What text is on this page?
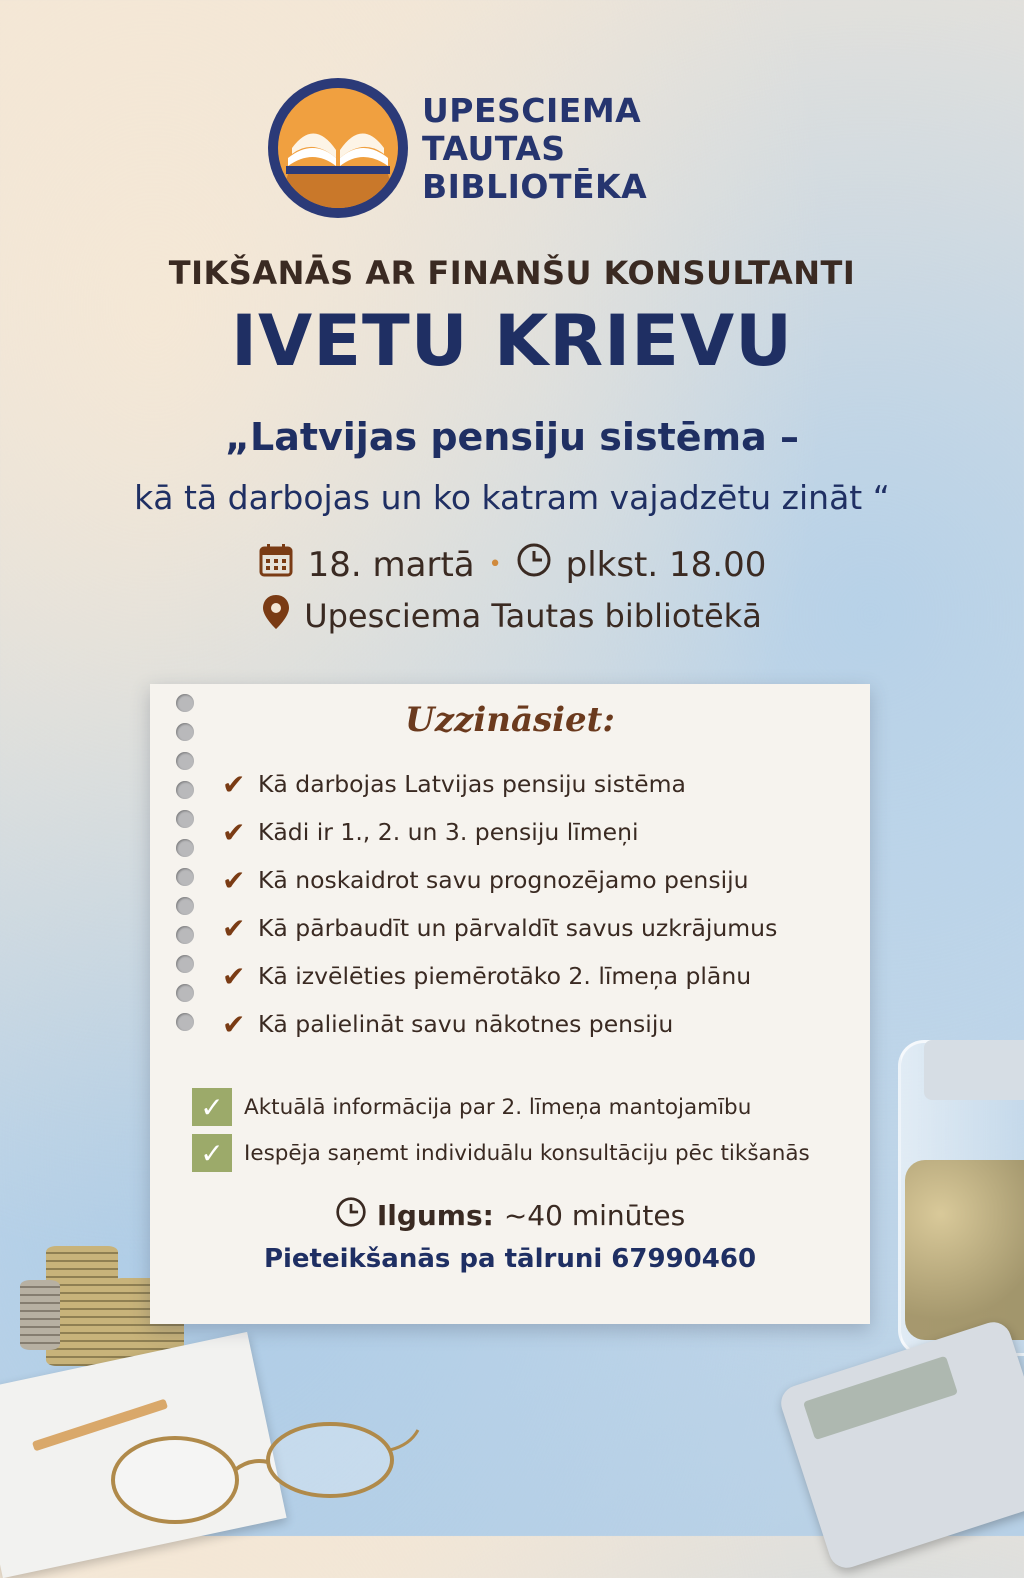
UPESCIEMA
TAUTAS
BIBLIOTĒKA
TIKŠANĀS AR FINANŠU KONSULTANTI
IVETU KRIEVU
„Latvijas pensiju sistēma –
kā tā darbojas un ko katram vajadzētu zināt “
18. martā • plkst. 18.00
Upesciema Tautas bibliotēkā
Uzzināsiet:
✔ Kā darbojas Latvijas pensiju sistēma
✔ Kādi ir 1., 2. un 3. pensiju līmeņi
✔ Kā noskaidrot savu prognozējamo pensiju
✔ Kā pārbaudīt un pārvaldīt savus uzkrājumus
✔ Kā izvēlēties piemērotāko 2. līmeņa plānu
✔ Kā palielināt savu nākotnes pensiju
✓ Aktuālā informācija par 2. līmeņa mantojamību
✓ Iespēja saņemt individuālu konsultāciju pēc tikšanās
Ilgums: ~40 minūtes
Pieteikšanās pa tālruni 67990460
